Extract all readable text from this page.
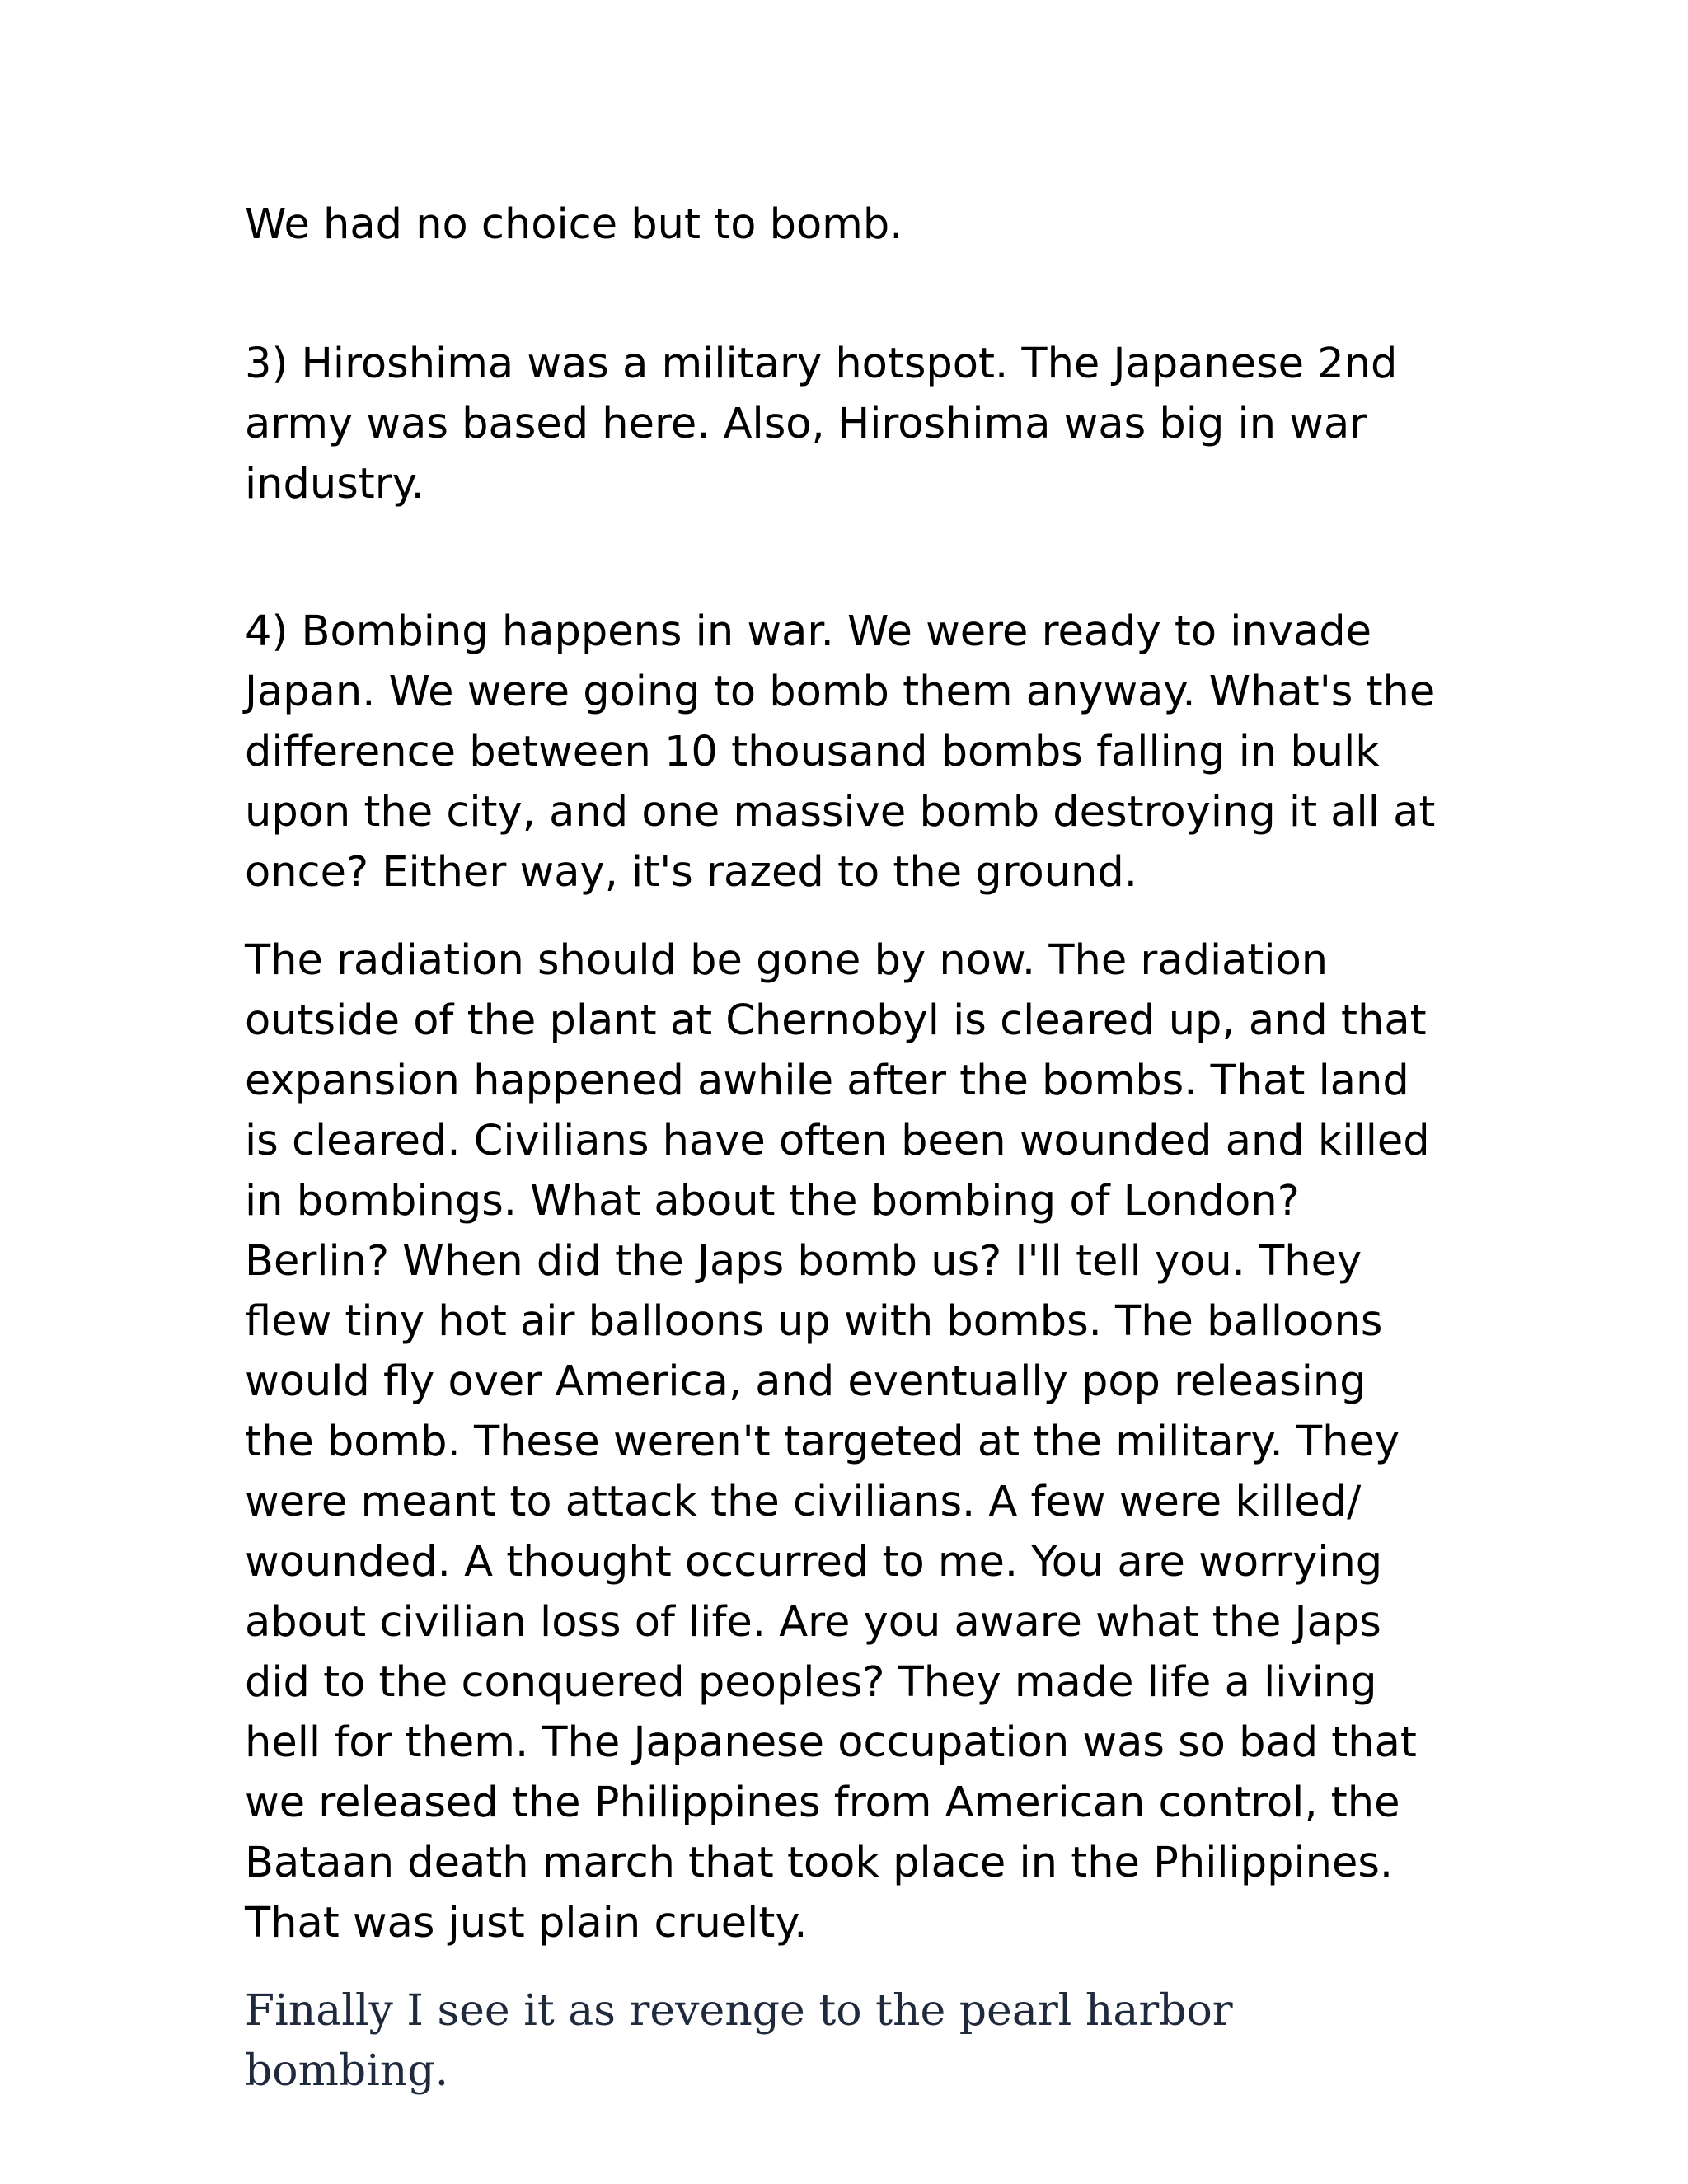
We had no choice but to bomb.

3) Hiroshima was a military hotspot. The Japanese 2nd army was based here. Also, Hiroshima was big in war industry.

4) Bombing happens in war. We were ready to invade Japan. We were going to bomb them anyway. What's the difference between 10 thousand bombs falling in bulk upon the city, and one massive bomb destroying it all at once? Either way, it's razed to the ground.

The radiation should be gone by now. The radiation outside of the plant at Chernobyl is cleared up, and that expansion happened awhile after the bombs. That land is cleared. Civilians have often been wounded and killed in bombings. What about the bombing of London? Berlin? When did the Japs bomb us? I'll tell you. They flew tiny hot air balloons up with bombs. The balloons would fly over America, and eventually pop releasing the bomb. These weren't targeted at the military. They were meant to attack the civilians. A few were killed/ wounded. A thought occurred to me. You are worrying about civilian loss of life. Are you aware what the Japs did to the conquered peoples? They made life a living hell for them. The Japanese occupation was so bad that we released the Philippines from American control, the Bataan death march that took place in the Philippines. That was just plain cruelty.

Finally I see it as revenge to the pearl harbor bombing.
